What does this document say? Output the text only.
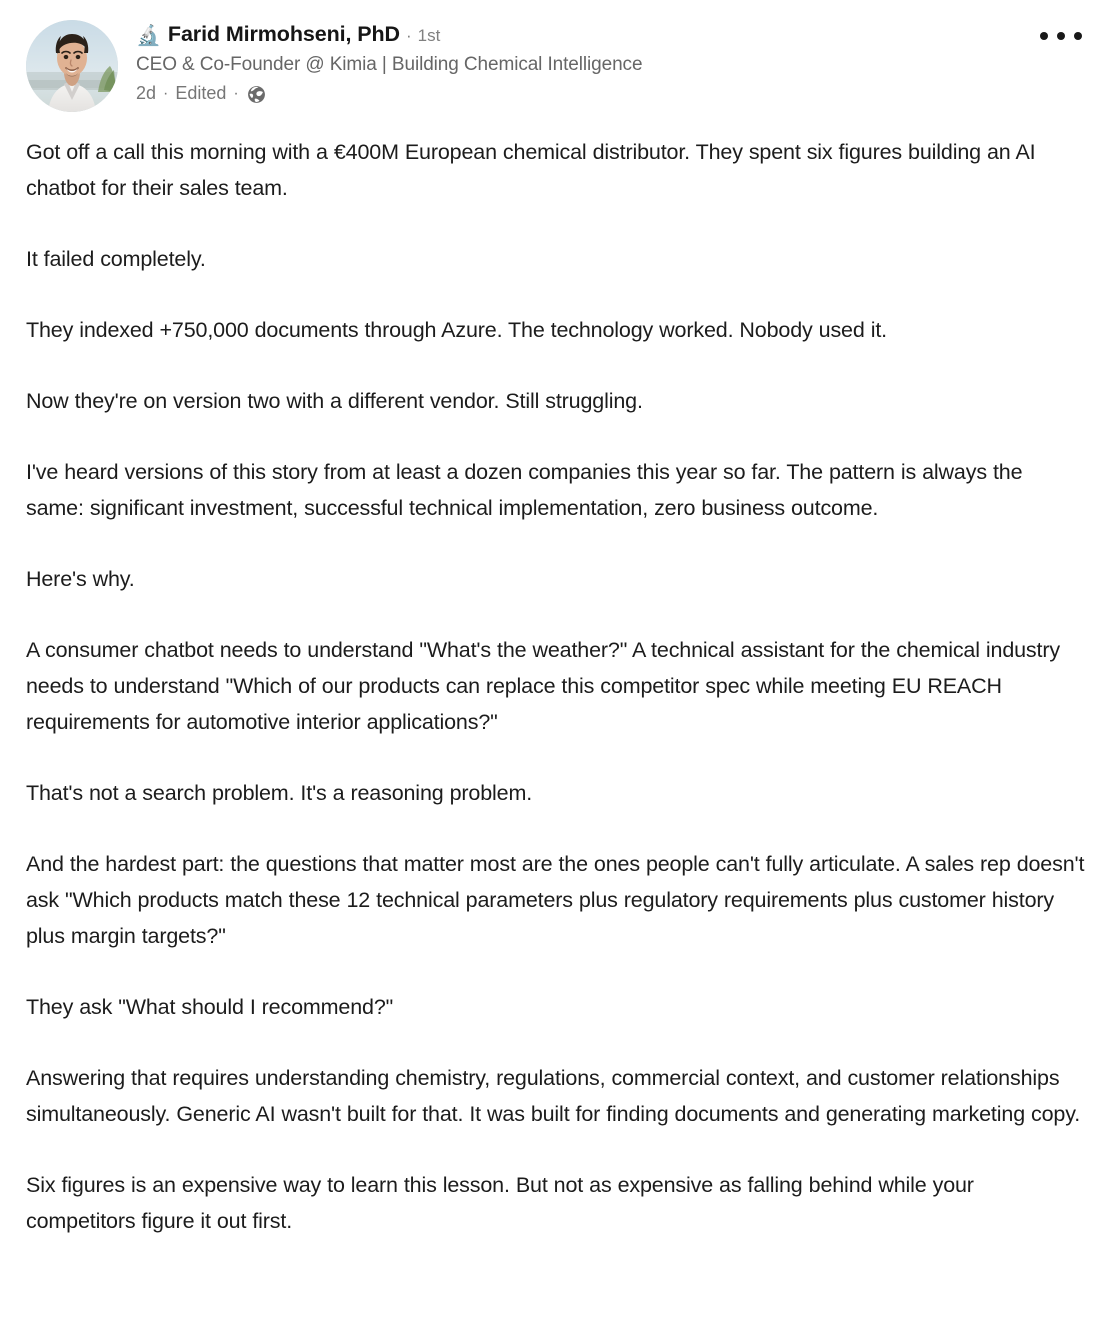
🔬 Farid Mirmohseni, PhD · 1st
CEO & Co-Founder @ Kimia | Building Chemical Intelligence
2d · Edited ·

Got off a call this morning with a €400M European chemical distributor. They spent six figures building an AI chatbot for their sales team.

It failed completely.

They indexed +750,000 documents through Azure. The technology worked. Nobody used it.

Now they're on version two with a different vendor. Still struggling.

I've heard versions of this story from at least a dozen companies this year so far. The pattern is always the same: significant investment, successful technical implementation, zero business outcome.

Here's why.

A consumer chatbot needs to understand "What's the weather?" A technical assistant for the chemical industry needs to understand "Which of our products can replace this competitor spec while meeting EU REACH requirements for automotive interior applications?"

That's not a search problem. It's a reasoning problem.

And the hardest part: the questions that matter most are the ones people can't fully articulate. A sales rep doesn't ask "Which products match these 12 technical parameters plus regulatory requirements plus customer history plus margin targets?"

They ask "What should I recommend?"

Answering that requires understanding chemistry, regulations, commercial context, and customer relationships simultaneously. Generic AI wasn't built for that. It was built for finding documents and generating marketing copy.

Six figures is an expensive way to learn this lesson. But not as expensive as falling behind while your competitors figure it out first.
